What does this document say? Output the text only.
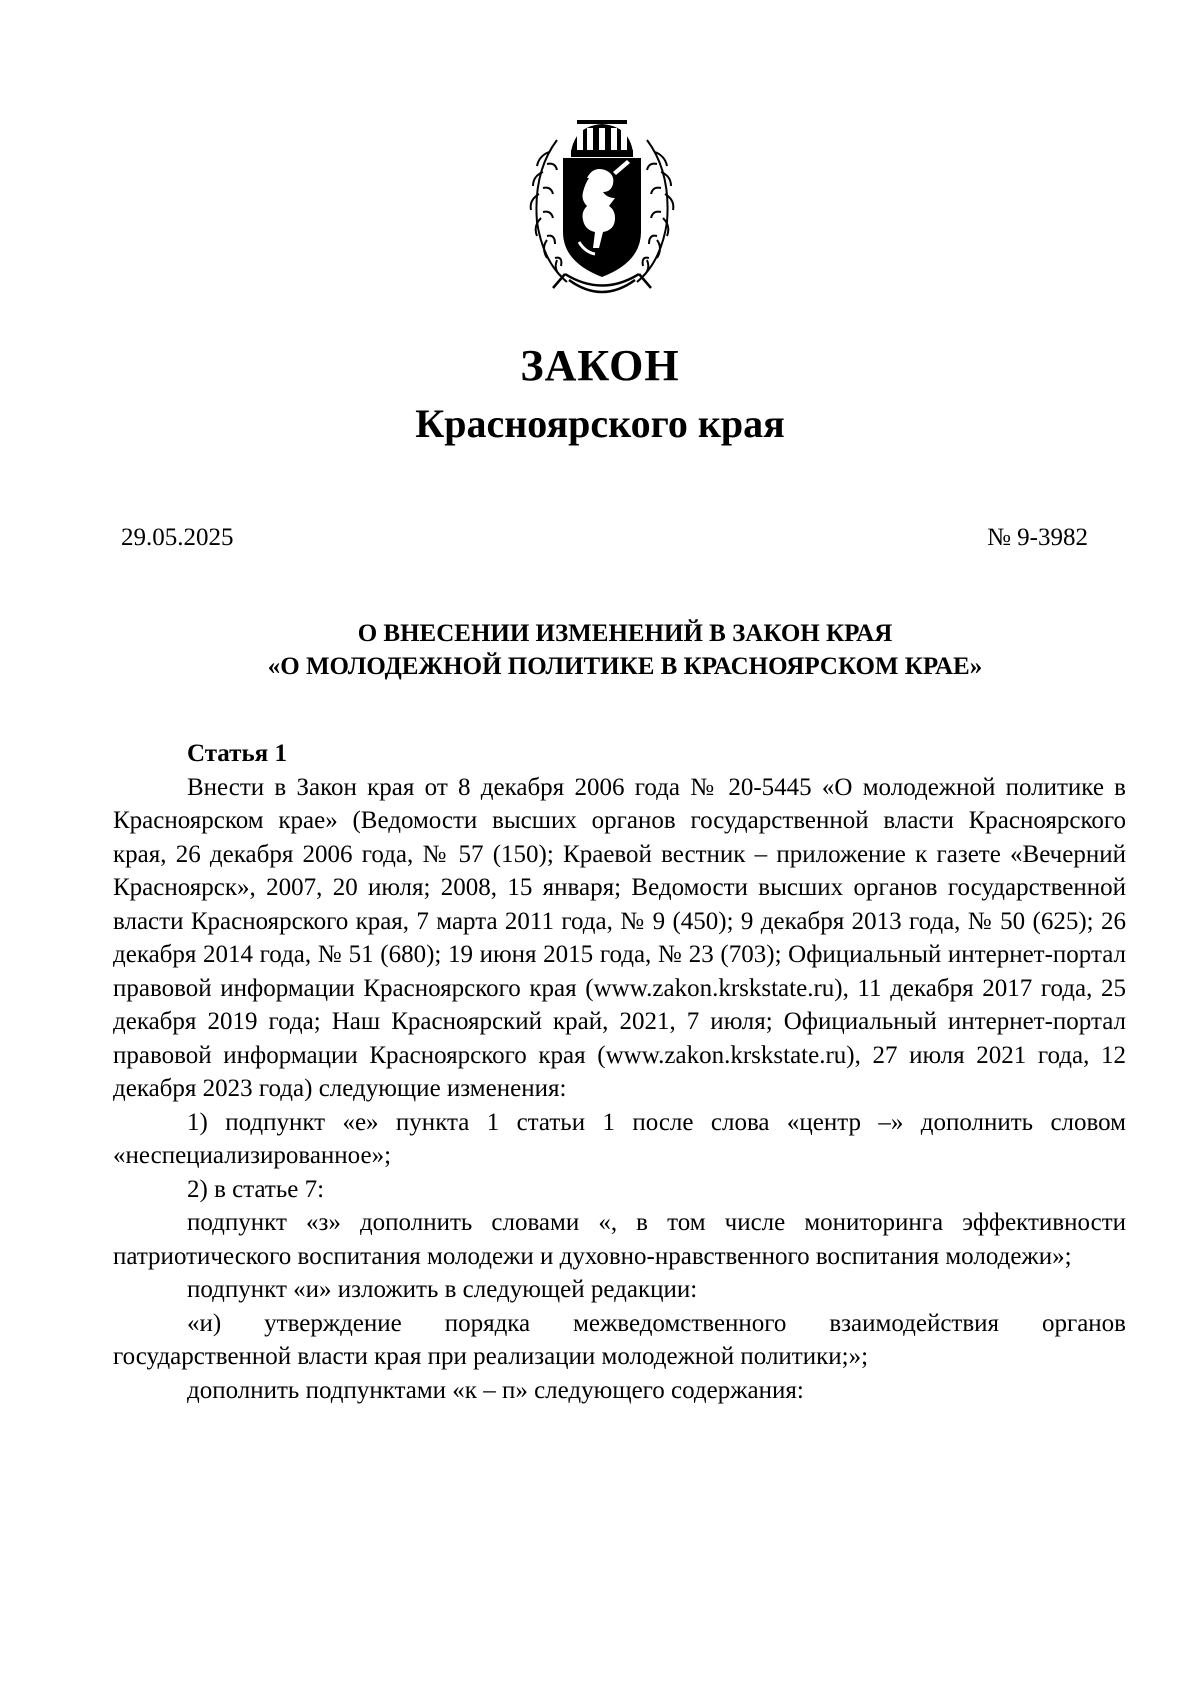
ЗАКОН
Красноярского края
29.05.2025	№ 9-3982
О ВНЕСЕНИИ ИЗМЕНЕНИЙ В ЗАКОН КРАЯ
«О МОЛОДЕЖНОЙ ПОЛИТИКЕ В КРАСНОЯРСКОМ КРАЕ»

Статья 1

Внести в Закон края от 8 декабря 2006 года № 20-5445 «О молодежной политике в Красноярском крае» (Ведомости высших органов государственной власти Красноярского края, 26 декабря 2006 года, № 57 (150); Краевой вестник – приложение к газете «Вечерний Красноярск», 2007, 20 июля; 2008, 15 января; Ведомости высших органов государственной власти Красноярского края, 7 марта 2011 года, № 9 (450); 9 декабря 2013 года, № 50 (625); 26 декабря 2014 года, № 51 (680); 19 июня 2015 года, № 23 (703); Официальный интернет-портал правовой информации Красноярского края (www.zakon.krskstate.ru), 11 декабря 2017 года, 25 декабря 2019 года; Наш Красноярский край, 2021, 7 июля; Официальный интернет-портал правовой информации Красноярского края (www.zakon.krskstate.ru), 27 июля 2021 года, 12 декабря 2023 года) следующие изменения:

1) подпункт «е» пункта 1 статьи 1 после слова «центр –» дополнить словом «неспециализированное»;

2) в статье 7:

подпункт «з» дополнить словами «, в том числе мониторинга эффективности патриотического воспитания молодежи и духовно-нравственного воспитания молодежи»;

подпункт «и» изложить в следующей редакции:

«и) утверждение порядка межведомственного взаимодействия органов государственной власти края при реализации молодежной политики;»;

дополнить подпунктами «к – п» следующего содержания:
